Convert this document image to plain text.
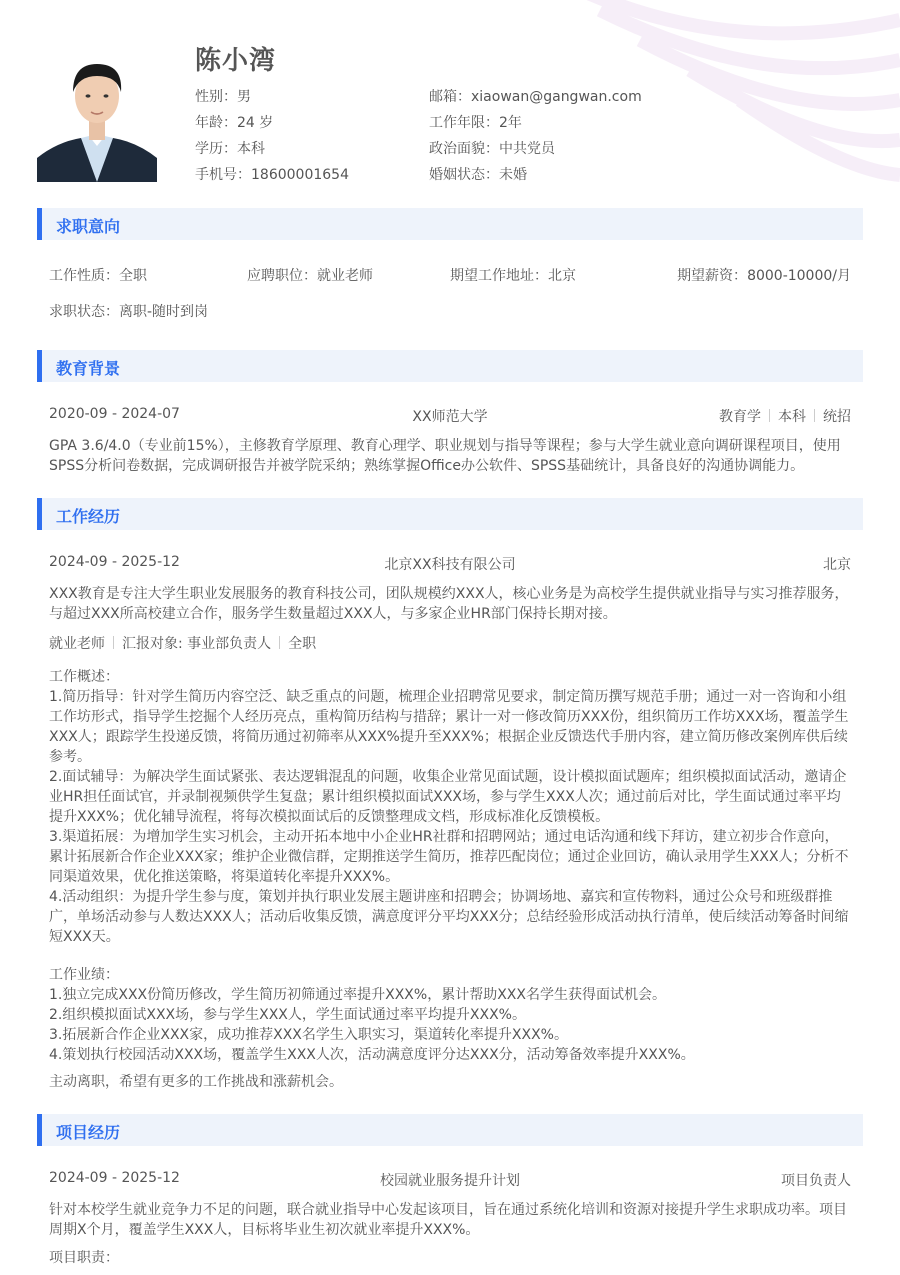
陈小湾
性别：男	邮箱：xiaowan@gangwan.com
年龄：24 岁	工作年限：2年
学历：本科	政治面貌：中共党员
手机号：18600001654	婚姻状态：未婚
求职意向
工作性质：全职	应聘职位：就业老师	期望工作地址：北京	期望薪资：8000-10000/月
求职状态：离职-随时到岗
教育背景
2020-09 - 2024-07	XX师范大学	教育学 本科 统招
GPA 3.6/4.0（专业前15%），主修教育学原理、教育心理学、职业规划与指导等课程；参与大学生就业意向调研课程项目，使用SPSS分析问卷数据，完成调研报告并被学院采纳；熟练掌握Office办公软件、SPSS基础统计，具备良好的沟通协调能力。
工作经历
2024-09 - 2025-12	北京XX科技有限公司	北京
XXX教育是专注大学生职业发展服务的教育科技公司，团队规模约XXX人，核心业务是为高校学生提供就业指导与实习推荐服务，与超过XXX所高校建立合作，服务学生数量超过XXX人，与多家企业HR部门保持长期对接。
就业老师 汇报对象: 事业部负责人 全职
工作概述：
1.简历指导：针对学生简历内容空泛、缺乏重点的问题，梳理企业招聘常见要求，制定简历撰写规范手册；通过一对一咨询和小组工作坊形式，指导学生挖掘个人经历亮点，重构简历结构与措辞；累计一对一修改简历XXX份，组织简历工作坊XXX场，覆盖学生XXX人；跟踪学生投递反馈，将简历通过初筛率从XXX%提升至XXX%；根据企业反馈迭代手册内容，建立简历修改案例库供后续参考。
2.面试辅导：为解决学生面试紧张、表达逻辑混乱的问题，收集企业常见面试题，设计模拟面试题库；组织模拟面试活动，邀请企业HR担任面试官，并录制视频供学生复盘；累计组织模拟面试XXX场，参与学生XXX人次；通过前后对比，学生面试通过率平均提升XXX%；优化辅导流程，将每次模拟面试后的反馈整理成文档，形成标准化反馈模板。
3.渠道拓展：为增加学生实习机会，主动开拓本地中小企业HR社群和招聘网站；通过电话沟通和线下拜访，建立初步合作意向，累计拓展新合作企业XXX家；维护企业微信群，定期推送学生简历，推荐匹配岗位；通过企业回访，确认录用学生XXX人；分析不同渠道效果，优化推送策略，将渠道转化率提升XXX%。
4.活动组织：为提升学生参与度，策划并执行职业发展主题讲座和招聘会；协调场地、嘉宾和宣传物料，通过公众号和班级群推广，单场活动参与人数达XXX人；活动后收集反馈，满意度评分平均XXX分；总结经验形成活动执行清单，使后续活动筹备时间缩短XXX天。
工作业绩：
1.独立完成XXX份简历修改，学生简历初筛通过率提升XXX%，累计帮助XXX名学生获得面试机会。
2.组织模拟面试XXX场，参与学生XXX人，学生面试通过率平均提升XXX%。
3.拓展新合作企业XXX家，成功推荐XXX名学生入职实习，渠道转化率提升XXX%。
4.策划执行校园活动XXX场，覆盖学生XXX人次，活动满意度评分达XXX分，活动筹备效率提升XXX%。
主动离职，希望有更多的工作挑战和涨薪机会。
项目经历
2024-09 - 2025-12	校园就业服务提升计划	项目负责人
针对本校学生就业竞争力不足的问题，联合就业指导中心发起该项目，旨在通过系统化培训和资源对接提升学生求职成功率。项目周期X个月，覆盖学生XXX人，目标将毕业生初次就业率提升XXX%。
项目职责：
